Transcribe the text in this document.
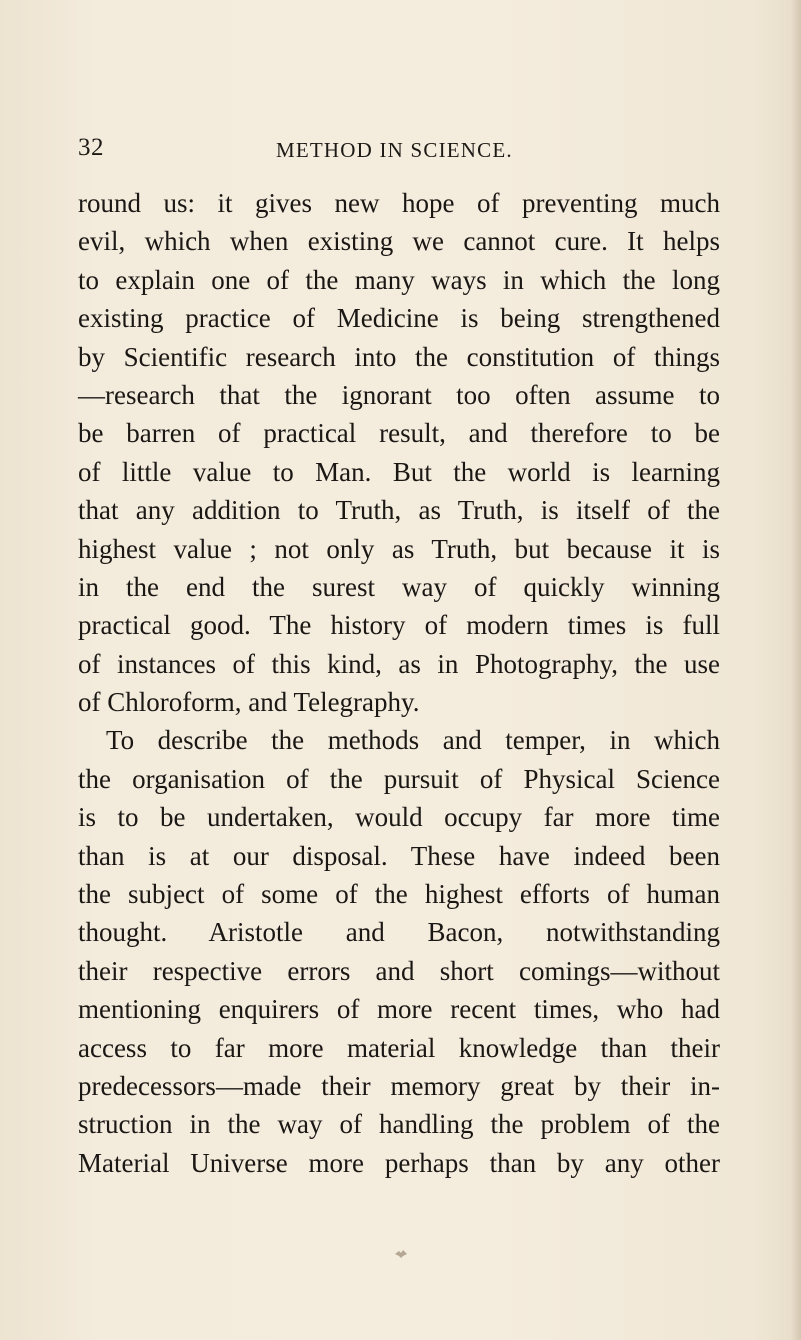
32	METHOD IN SCIENCE.
round us: it gives new hope of preventing much
evil, which when existing we cannot cure. It helps
to explain one of the many ways in which the long
existing practice of Medicine is being strengthened
by Scientific research into the constitution of things
—research that the ignorant too often assume to
be barren of practical result, and therefore to be
of little value to Man. But the world is learning
that any addition to Truth, as Truth, is itself of the
highest value ; not only as Truth, but because it is
in the end the surest way of quickly winning
practical good. The history of modern times is full
of instances of this kind, as in Photography, the use
of Chloroform, and Telegraphy.
To describe the methods and temper, in which
the organisation of the pursuit of Physical Science
is to be undertaken, would occupy far more time
than is at our disposal. These have indeed been
the subject of some of the highest efforts of human
thought. Aristotle and Bacon, notwithstanding
their respective errors and short comings—without
mentioning enquirers of more recent times, who had
access to far more material knowledge than their
predecessors—made their memory great by their in-
struction in the way of handling the problem of the
Material Universe more perhaps than by any other
